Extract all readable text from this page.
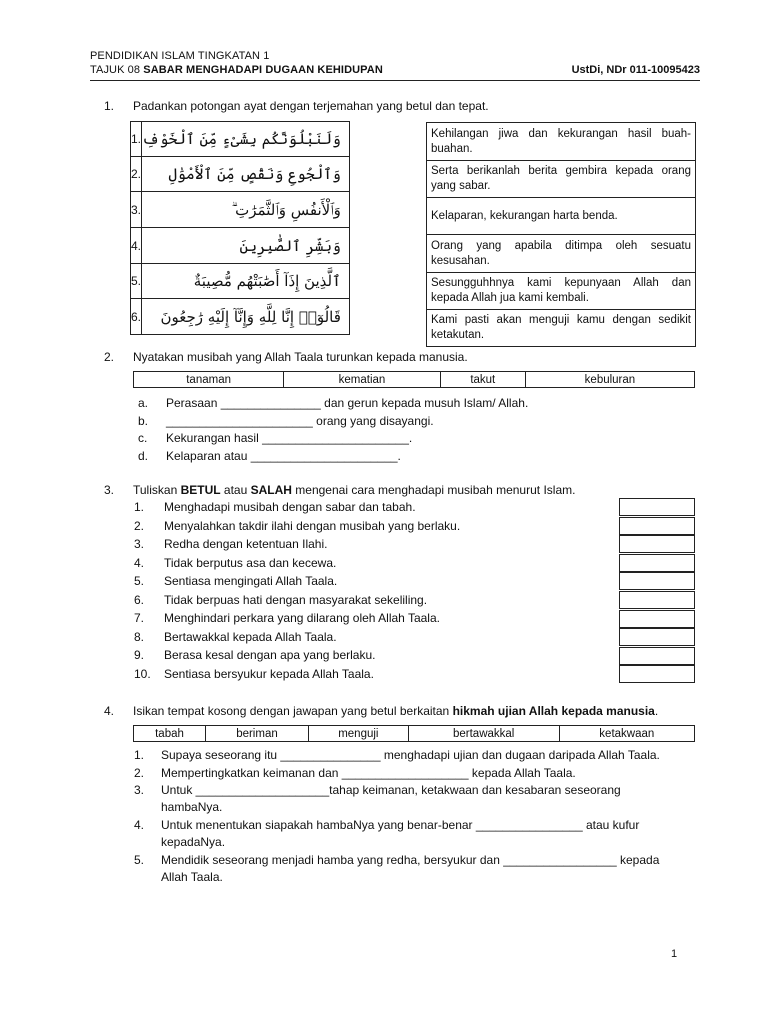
PENDIDIKAN ISLAM TINGKATAN 1
TAJUK 08 SABAR MENGHADAPI DUGAAN KEHIDUPAN	UstDi, NDr 011-10095423
1. Padankan potongan ayat dengan terjemahan yang betul dan tepat.
1.	وَلَنَبْلُوَنَّكُم بِشَىْءٍ مِّنَ ٱلْخَوْفِ
2.	وَٱلْجُوعِ وَنَقْصٍ مِّنَ ٱلْأَمْوَٰلِ
3.	وَٱلْأَنفُسِ وَٱلثَّمَرَٰتِ ۗ
4.	وَبَشِّرِ ٱلصَّٰبِرِينَ
5.	ٱلَّذِينَ إِذَآ أَصَٰبَتْهُم مُّصِيبَةٌ
6.	قَالُوٓا۟ إِنَّا لِلَّهِ وَإِنَّآ إِلَيْهِ رَٰجِعُونَ
Kehilangan jiwa dan kekurangan hasil buah-buahan.
Serta berikanlah berita gembira kepada orang yang sabar.
Kelaparan, kekurangan harta benda.
Orang yang apabila ditimpa oleh sesuatu kesusahan.
Sesungguhhnya kami kepunyaan Allah dan kepada Allah jua kami kembali.
Kami pasti akan menguji kamu dengan sedikit ketakutan.
2. Nyatakan musibah yang Allah Taala turunkan kepada manusia.
tanaman	kematian	takut	kebuluran
a. Perasaan _______________ dan gerun kepada musuh Islam/ Allah.
b. ______________________ orang yang disayangi.
c. Kekurangan hasil ______________________.
d. Kelaparan atau ______________________.
3. Tuliskan BETUL atau SALAH mengenai cara menghadapi musibah menurut Islam.
1. Menghadapi musibah dengan sabar dan tabah.
2. Menyalahkan takdir ilahi dengan musibah yang berlaku.
3. Redha dengan ketentuan Ilahi.
4. Tidak berputus asa dan kecewa.
5. Sentiasa mengingati Allah Taala.
6. Tidak berpuas hati dengan masyarakat sekeliling.
7. Menghindari perkara yang dilarang oleh Allah Taala.
8. Bertawakkal kepada Allah Taala.
9. Berasa kesal dengan apa yang berlaku.
10. Sentiasa bersyukur kepada Allah Taala.
4. Isikan tempat kosong dengan jawapan yang betul berkaitan hikmah ujian Allah kepada manusia.
tabah	beriman	menguji	bertawakkal	ketakwaan
1. Supaya seseorang itu _______________ menghadapi ujian dan dugaan daripada Allah Taala.
2. Mempertingkatkan keimanan dan ___________________ kepada Allah Taala.
3. Untuk ____________________tahap keimanan, ketakwaan dan kesabaran seseorang
hambaNya.
4. Untuk menentukan siapakah hambaNya yang benar-benar ________________ atau kufur
kepadaNya.
5. Mendidik seseorang menjadi hamba yang redha, bersyukur dan _________________ kepada
Allah Taala.
1
